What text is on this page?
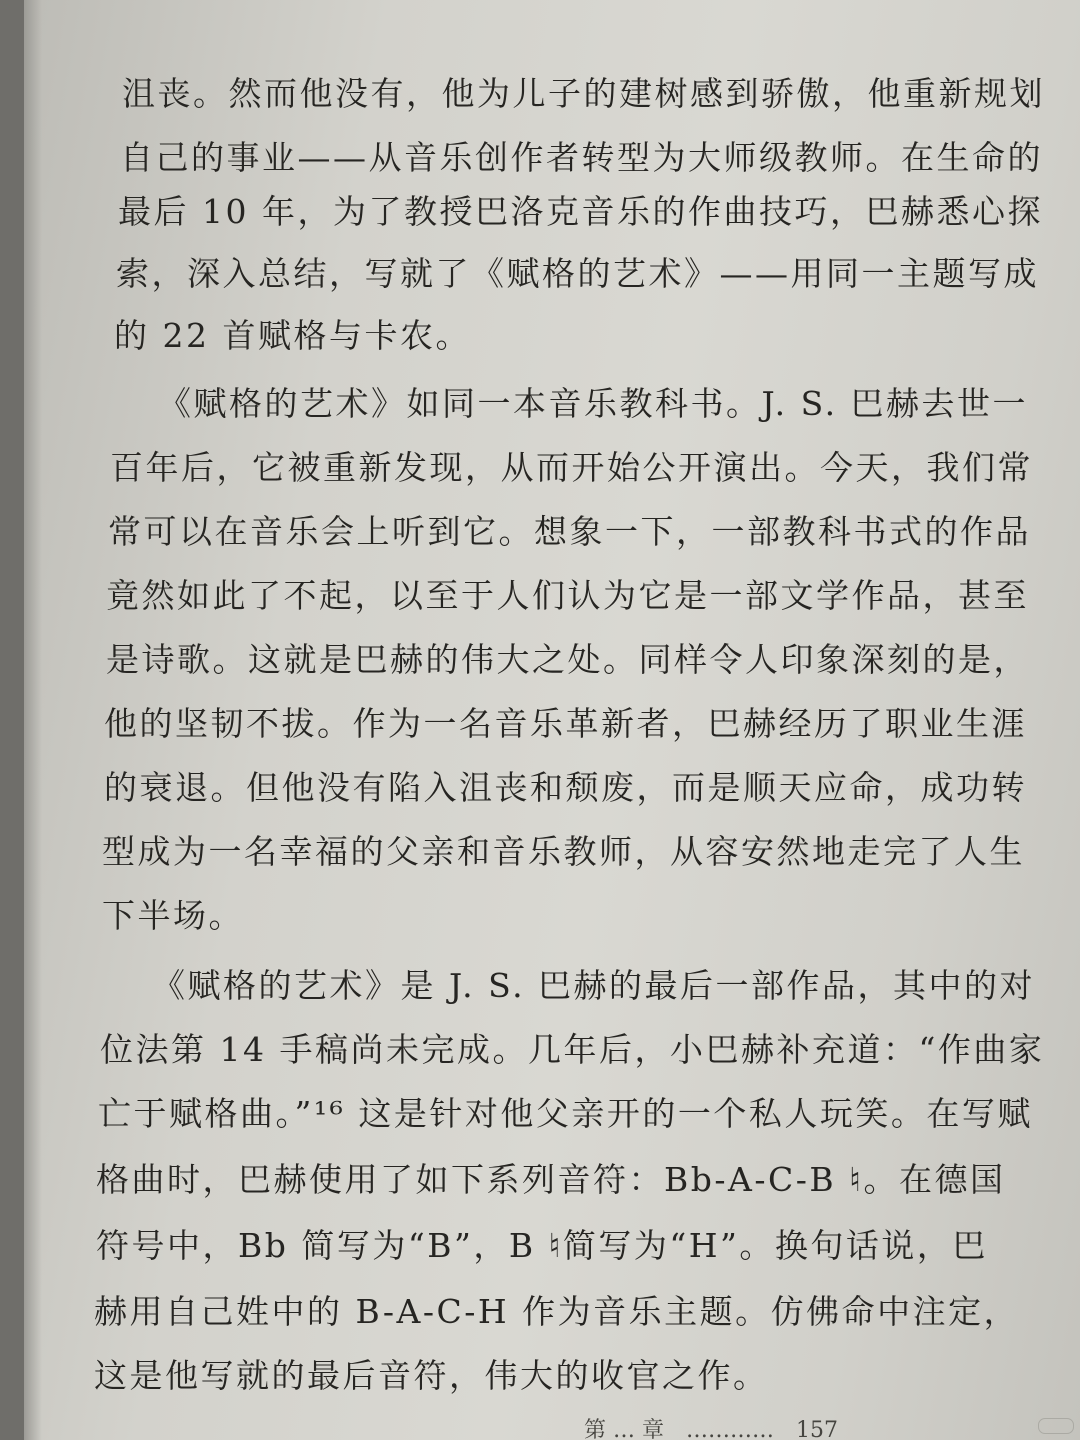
沮丧。然而他没有，他为儿子的建树感到骄傲，他重新规划

自己的事业——从音乐创作者转型为大师级教师。在生命的

最后 10 年，为了教授巴洛克音乐的作曲技巧，巴赫悉心探

索，深入总结，写就了《赋格的艺术》——用同一主题写成

的 22 首赋格与卡农。

《赋格的艺术》如同一本音乐教科书。J. S. 巴赫去世一

百年后，它被重新发现，从而开始公开演出。今天，我们常

常可以在音乐会上听到它。想象一下，一部教科书式的作品

竟然如此了不起，以至于人们认为它是一部文学作品，甚至

是诗歌。这就是巴赫的伟大之处。同样令人印象深刻的是，

他的坚韧不拔。作为一名音乐革新者，巴赫经历了职业生涯

的衰退。但他没有陷入沮丧和颓废，而是顺天应命，成功转

型成为一名幸福的父亲和音乐教师，从容安然地走完了人生

下半场。

《赋格的艺术》是 J. S. 巴赫的最后一部作品，其中的对

位法第 14 手稿尚未完成。几年后，小巴赫补充道：“作曲家

亡于赋格曲。”¹⁶ 这是针对他父亲开的一个私人玩笑。在写赋

格曲时，巴赫使用了如下系列音符：Bb-A-C-B ♮。在德国

符号中，Bb 简写为“B”，B ♮简写为“H”。换句话说，巴

赫用自己姓中的 B-A-C-H 作为音乐主题。仿佛命中注定，

这是他写就的最后音符，伟大的收官之作。

第 … 章　…………　157
